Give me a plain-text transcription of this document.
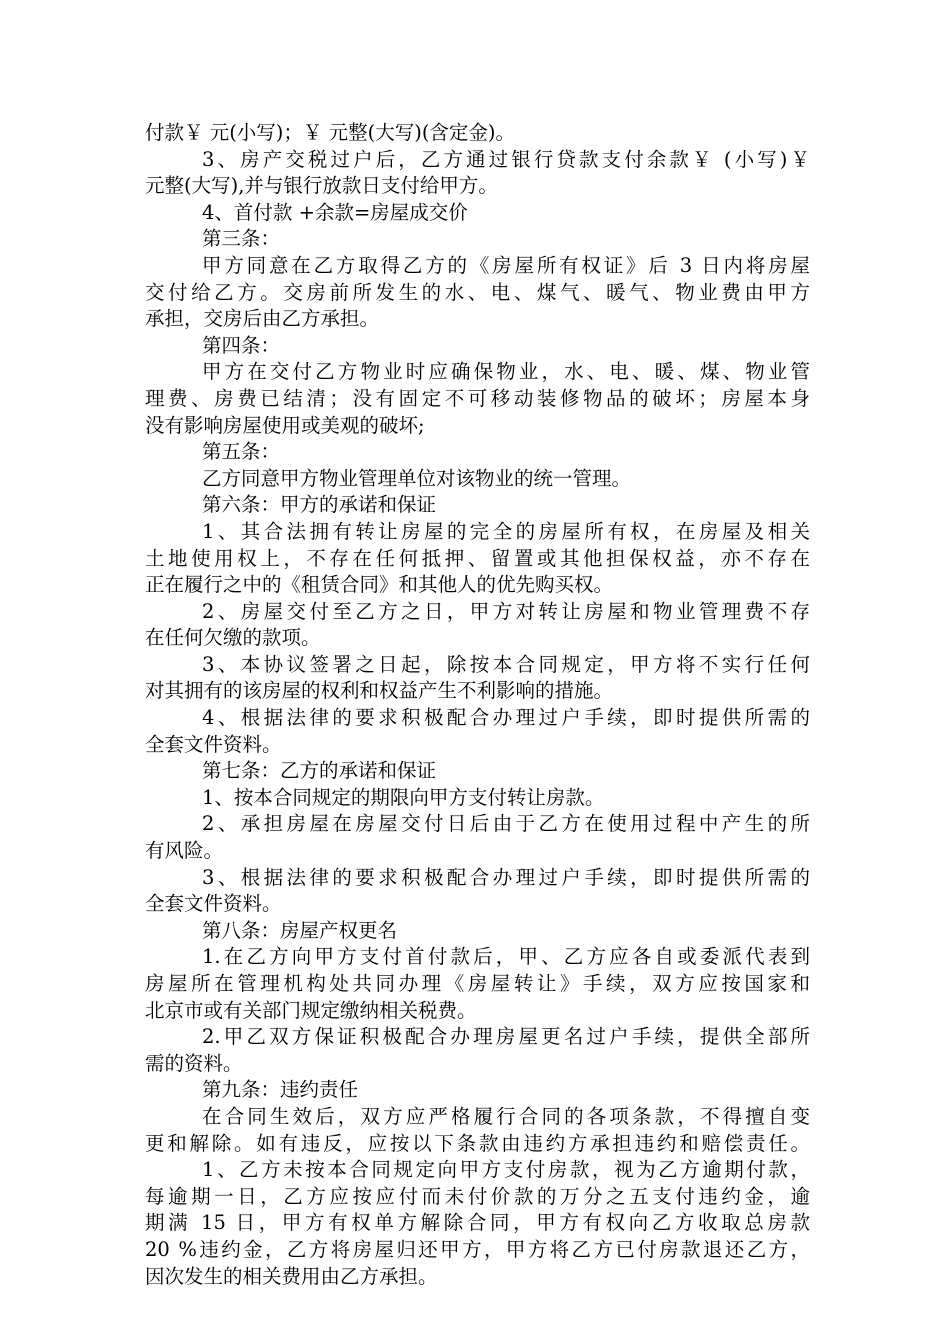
付款￥ 元(小写)；￥ 元整(大写)(含定金)。
3、房产交税过户后，乙方通过银行贷款支付余款￥ (小写)￥
元整(大写),并与银行放款日支付给甲方。
4、首付款 +余款=房屋成交价
第三条：
甲方同意在乙方取得乙方的《房屋所有权证》后 3 日内将房屋
交付给乙方。交房前所发生的水、电、煤气、暖气、物业费由甲方
承担，交房后由乙方承担。
第四条：
甲方在交付乙方物业时应确保物业，水、电、暖、煤、物业管
理费、房费已结清；没有固定不可移动装修物品的破坏；房屋本身
没有影响房屋使用或美观的破坏;
第五条：
乙方同意甲方物业管理单位对该物业的统一管理。
第六条：甲方的承诺和保证
1、其合法拥有转让房屋的完全的房屋所有权，在房屋及相关
土地使用权上，不存在任何抵押、留置或其他担保权益，亦不存在
正在履行之中的《租赁合同》和其他人的优先购买权。
2、房屋交付至乙方之日，甲方对转让房屋和物业管理费不存
在任何欠缴的款项。
3、本协议签署之日起，除按本合同规定，甲方将不实行任何
对其拥有的该房屋的权利和权益产生不利影响的措施。
4、根据法律的要求积极配合办理过户手续，即时提供所需的
全套文件资料。
第七条：乙方的承诺和保证
1、按本合同规定的期限向甲方支付转让房款。
2、承担房屋在房屋交付日后由于乙方在使用过程中产生的所
有风险。
3、根据法律的要求积极配合办理过户手续，即时提供所需的
全套文件资料。
第八条：房屋产权更名
1.在乙方向甲方支付首付款后，甲、乙方应各自或委派代表到
房屋所在管理机构处共同办理《房屋转让》手续，双方应按国家和
北京市或有关部门规定缴纳相关税费。
2.甲乙双方保证积极配合办理房屋更名过户手续，提供全部所
需的资料。
第九条：违约责任
在合同生效后，双方应严格履行合同的各项条款，不得擅自变
更和解除。如有违反，应按以下条款由违约方承担违约和赔偿责任。
1、乙方未按本合同规定向甲方支付房款，视为乙方逾期付款，
每逾期一日，乙方应按应付而未付价款的万分之五支付违约金，逾
期满 15 日，甲方有权单方解除合同，甲方有权向乙方收取总房款
20 %违约金，乙方将房屋归还甲方，甲方将乙方已付房款退还乙方，
因次发生的相关费用由乙方承担。
